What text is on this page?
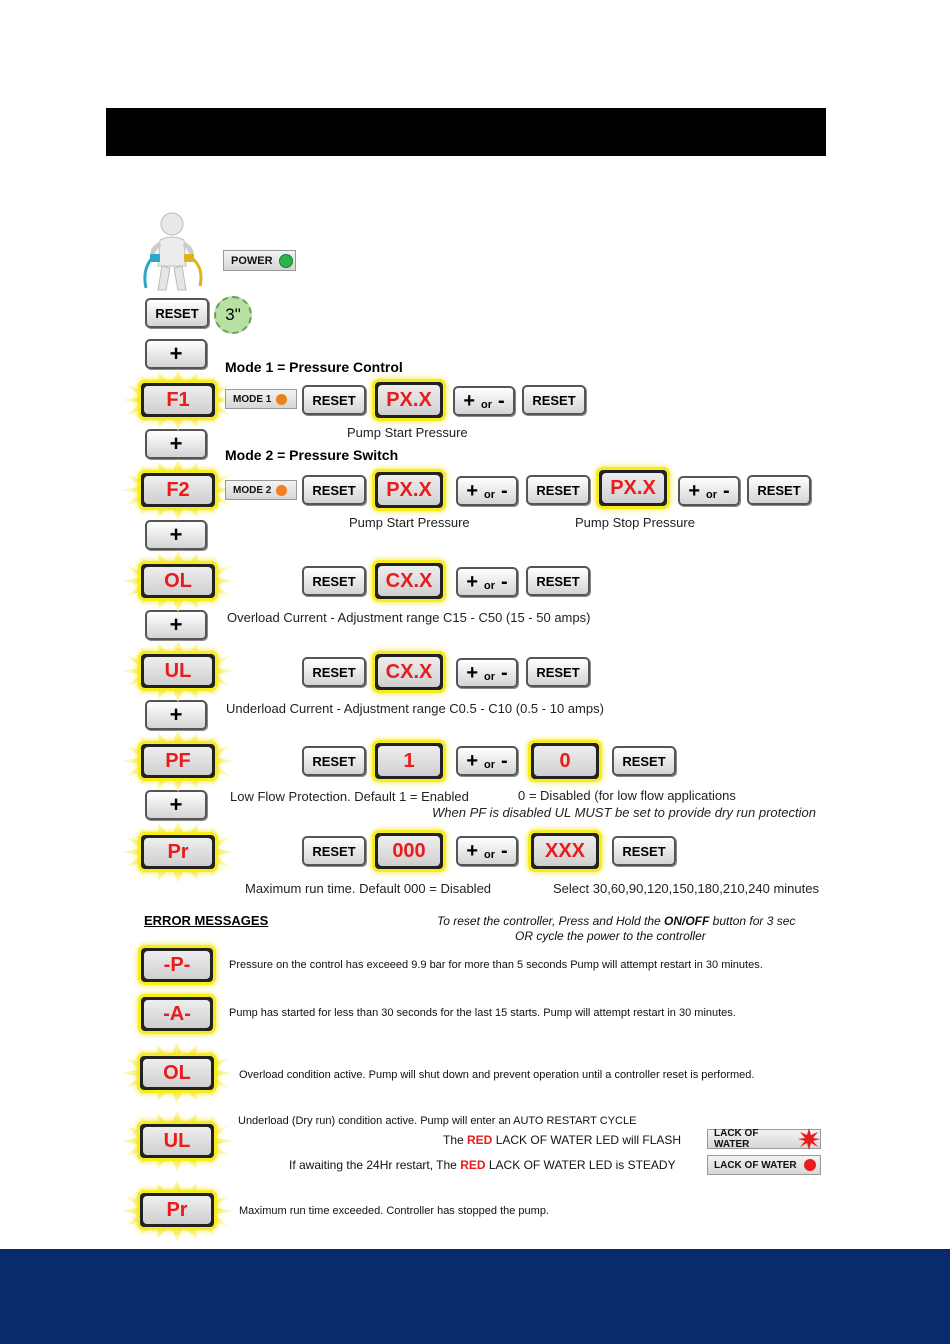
POWER
RESET	3"
+
+
+
+
+
+
Mode 1 = Pressure Control
F1	MODE 1	RESET	PX.X	+ or -	RESET
Pump Start Pressure
Mode 2 = Pressure Switch
F2	MODE 2	RESET	PX.X	+ or -	RESET	PX.X	+ or -	RESET
Pump Start Pressure	Pump Stop Pressure
OL	RESET	CX.X	+ or -	RESET
Overload Current - Adjustment range C15 - C50 (15 - 50 amps)
UL	RESET	CX.X	+ or -	RESET
Underload Current - Adjustment range C0.5 - C10 (0.5 - 10 amps)
PF	RESET	1	+ or -	0	RESET
Low Flow Protection. Default 1 = Enabled	0 = Disabled (for low flow applications
When PF is disabled UL MUST be set to provide dry run protection
Pr	RESET	000	+ or -	XXX	RESET
Maximum run time. Default 000 = Disabled	Select 30,60,90,120,150,180,210,240 minutes
ERROR MESSAGES	To reset the controller, Press and Hold the ON/OFF button for 3 sec
OR cycle the power to the controller
-P-	Pressure on the control has exceeed 9.9 bar for more than 5 seconds Pump will attempt restart in 30 minutes.
-A-	Pump has started for less than 30 seconds for the last 15 starts. Pump will attempt restart in 30 minutes.
OL	Overload condition active. Pump will shut down and prevent operation until a controller reset is performed.
UL
Underload (Dry run) condition active. Pump will enter an AUTO RESTART CYCLE
The RED LACK OF WATER LED will FLASH
If awaiting the 24Hr restart, The RED LACK OF WATER LED is STEADY
LACK OF WATER
LACK OF WATER
Pr	Maximum run time exceeded. Controller has stopped the pump.
